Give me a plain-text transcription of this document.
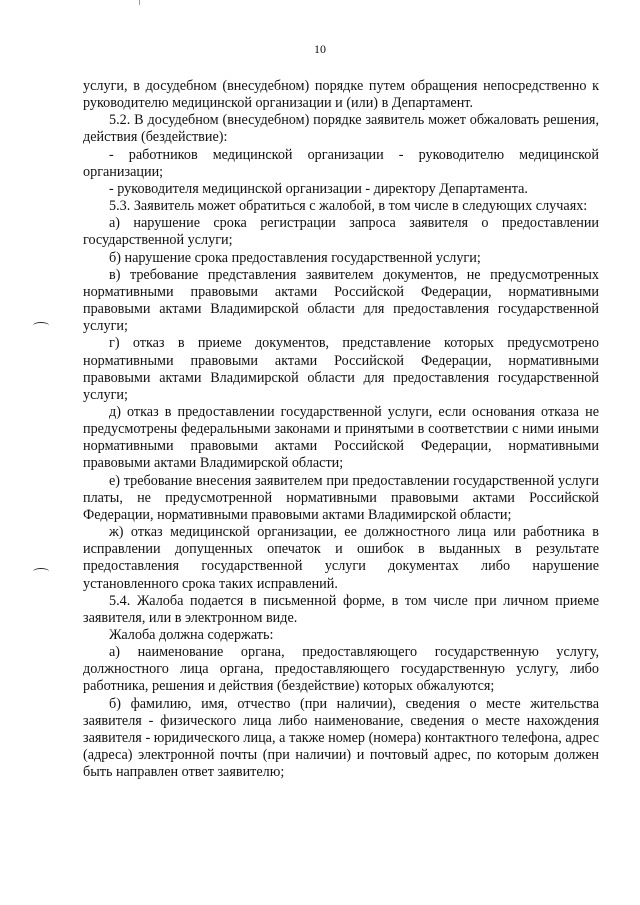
10

услуги, в досудебном (внесудебном) порядке путем обращения непосредственно к руководителю медицинской организации и (или) в Департамент.

5.2. В досудебном (внесудебном) порядке заявитель может обжаловать решения, действия (бездействие):

- работников медицинской организации - руководителю медицинской организации;

- руководителя медицинской организации - директору Департамента.

5.3. Заявитель может обратиться с жалобой, в том числе в следующих случаях:

а) нарушение срока регистрации запроса заявителя о предоставлении государственной услуги;

б) нарушение срока предоставления государственной услуги;

в) требование представления заявителем документов, не предусмотренных нормативными правовыми актами Российской Федерации, нормативными правовыми актами Владимирской области для предоставления государственной услуги;

г) отказ в приеме документов, представление которых предусмотрено нормативными правовыми актами Российской Федерации, нормативными правовыми актами Владимирской области для предоставления государственной услуги;

д) отказ в предоставлении государственной услуги, если основания отказа не предусмотрены федеральными законами и принятыми в соответствии с ними иными нормативными правовыми актами Российской Федерации, нормативными правовыми актами Владимирской области;

е) требование внесения заявителем при предоставлении государственной услуги платы, не предусмотренной нормативными правовыми актами Российской Федерации, нормативными правовыми актами Владимирской области;

ж) отказ медицинской организации, ее должностного лица или работника в исправлении допущенных опечаток и ошибок в выданных в результате предоставления государственной услуги документах либо нарушение установленного срока таких исправлений.

5.4. Жалоба подается в письменной форме, в том числе при личном приеме заявителя, или в электронном виде.

Жалоба должна содержать:

а) наименование органа, предоставляющего государственную услугу, должностного лица органа, предоставляющего государственную услугу, либо работника, решения и действия (бездействие) которых обжалуются;

б) фамилию, имя, отчество (при наличии), сведения о месте жительства заявителя - физического лица либо наименование, сведения о месте нахождения заявителя - юридического лица, а также номер (номера) контактного телефона, адрес (адреса) электронной почты (при наличии) и почтовый адрес, по которым должен быть направлен ответ заявителю;
